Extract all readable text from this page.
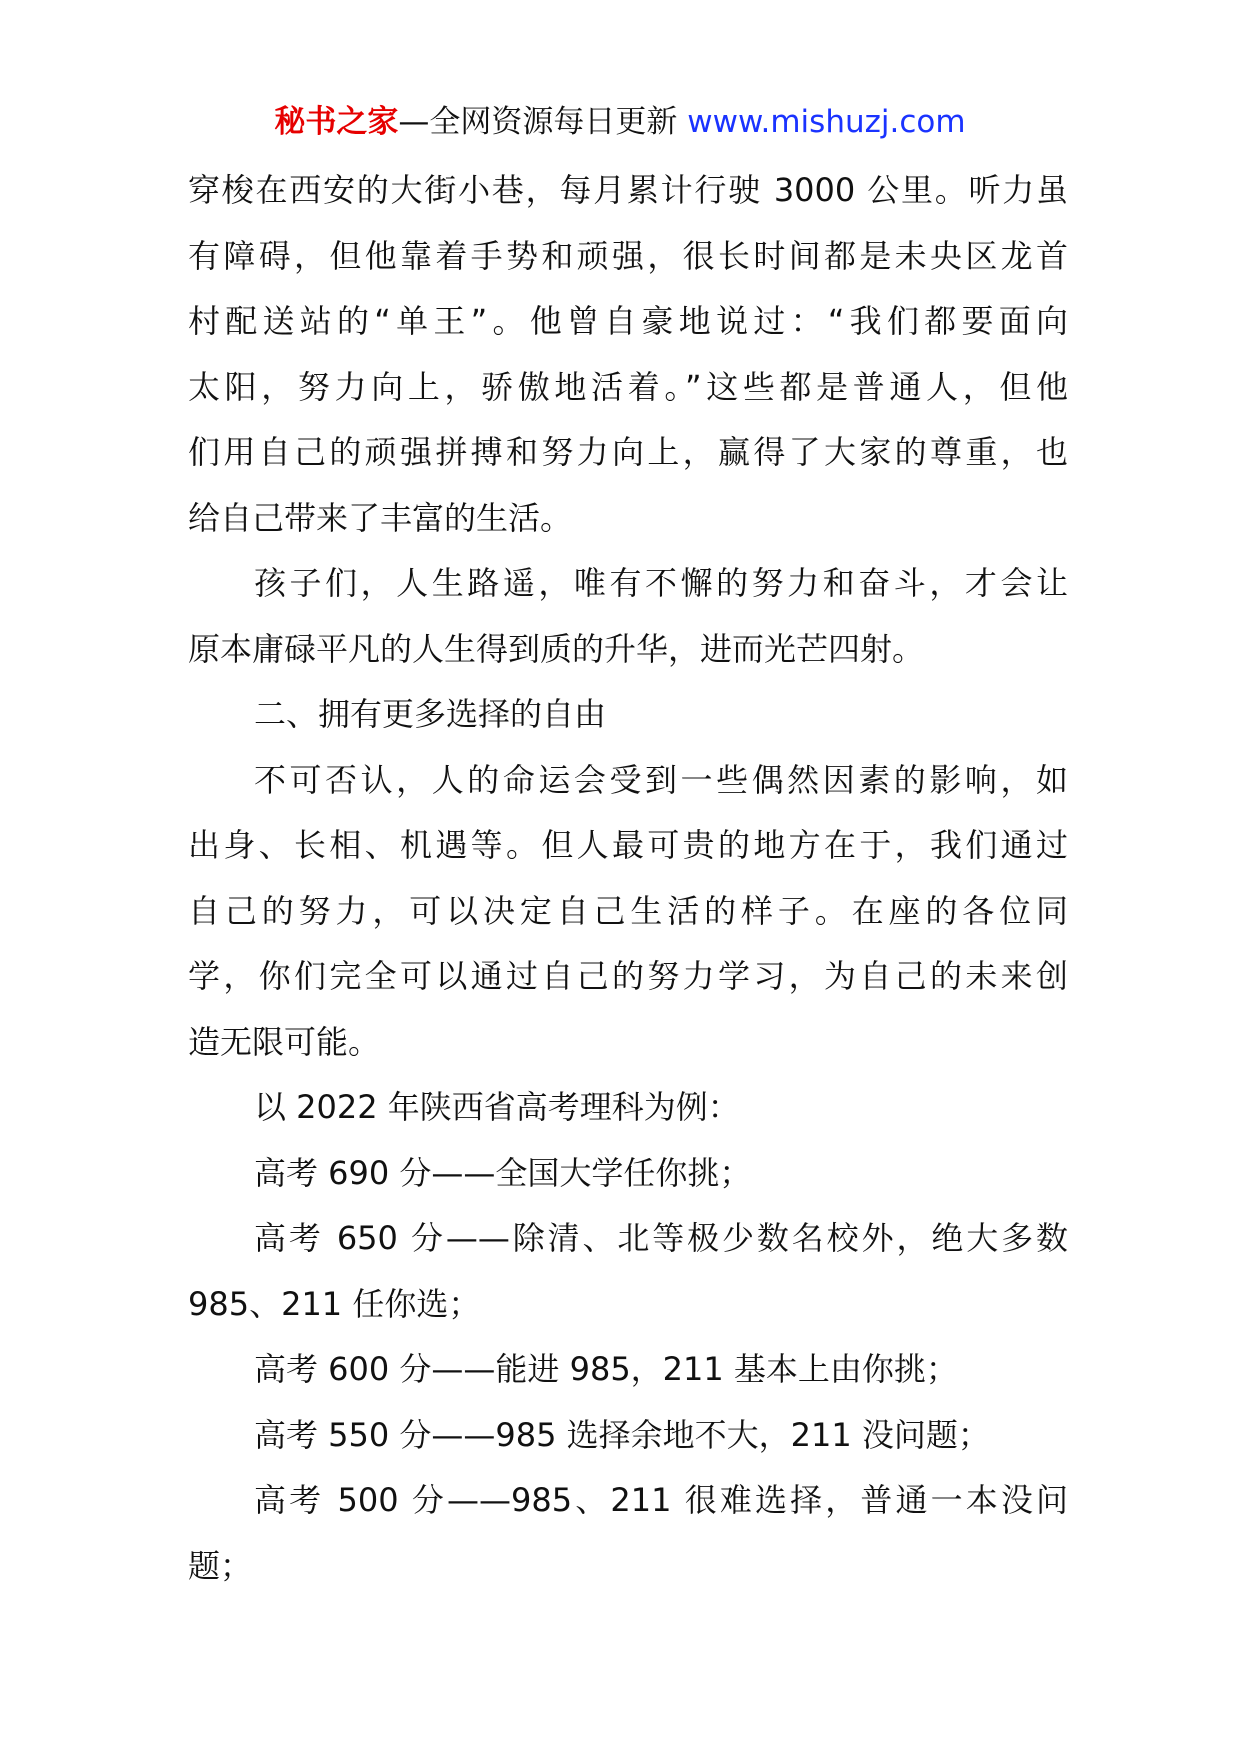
秘书之家—全网资源每日更新 www.mishuzj.com
穿梭在西安的大街小巷，每月累计行驶 3000 公里。听力虽
有障碍，但他靠着手势和顽强，很长时间都是未央区龙首
村配送站的“单王”。他曾自豪地说过：“我们都要面向
太阳，努力向上，骄傲地活着。”这些都是普通人，但他
们用自己的顽强拼搏和努力向上，赢得了大家的尊重，也
给自己带来了丰富的生活。
孩子们，人生路遥，唯有不懈的努力和奋斗，才会让
原本庸碌平凡的人生得到质的升华，进而光芒四射。
二、拥有更多选择的自由
不可否认，人的命运会受到一些偶然因素的影响，如
出身、长相、机遇等。但人最可贵的地方在于，我们通过
自己的努力，可以决定自己生活的样子。在座的各位同
学，你们完全可以通过自己的努力学习，为自己的未来创
造无限可能。
以 2022 年陕西省高考理科为例：
高考 690 分——全国大学任你挑；
高考 650 分——除清、北等极少数名校外，绝大多数
985、211 任你选；
高考 600 分——能进 985，211 基本上由你挑；
高考 550 分——985 选择余地不大，211 没问题；
高考 500 分——985、211 很难选择，普通一本没问
题；
